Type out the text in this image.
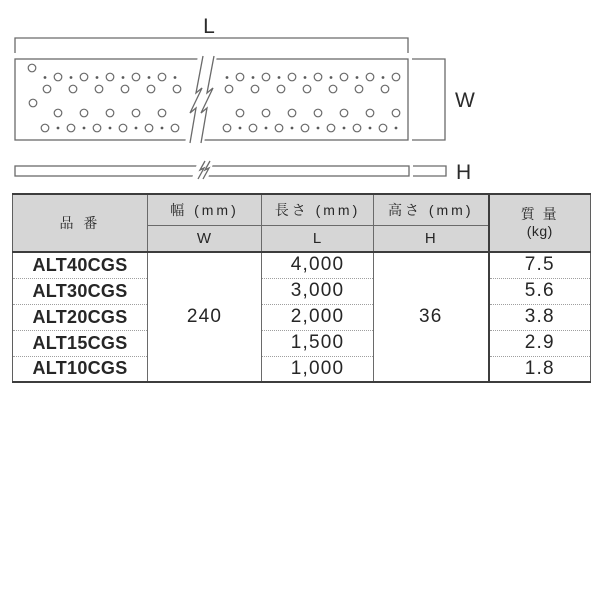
L
W
H
品 番	幅 (mm)	長さ (mm)	高さ (mm)	質 量
(kg)

	W	L	H	
ALT40CGS	240	4,000	36	7.5
ALT30CGS		3,000		5.6
ALT20CGS		2,000		3.8
ALT15CGS		1,500		2.9
ALT10CGS		1,000		1.8
